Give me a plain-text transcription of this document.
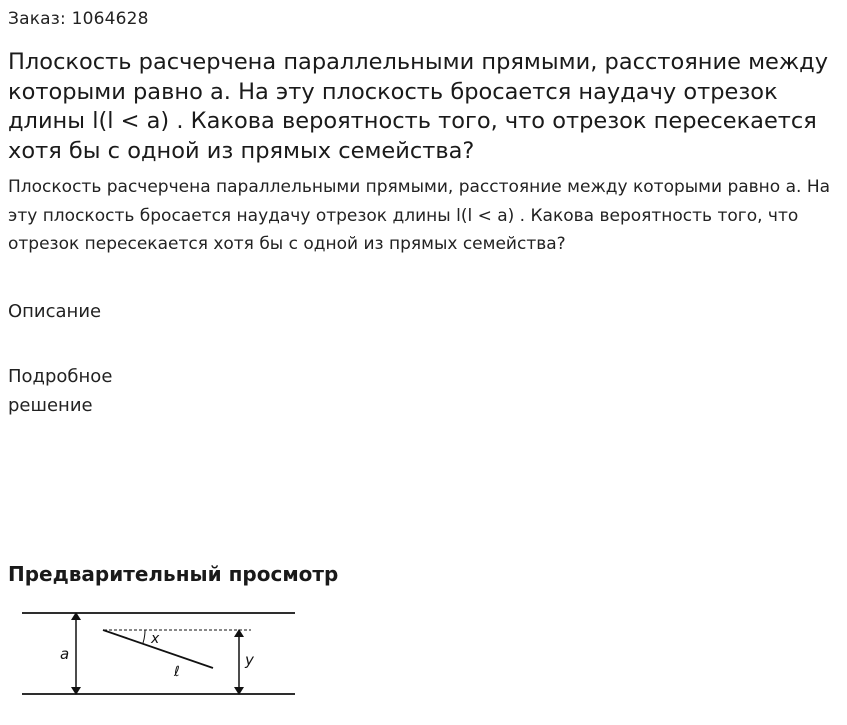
Заказ: 1064628
Плоскость расчерчена параллельными прямыми, расстояние между которыми равно a. На эту плоскость бросается наудачу отрезок длины l(l < a) . Какова вероятность того, что отрезок пересекается хотя бы с одной из прямых семейства?

Плоскость расчерчена параллельными прямыми, расстояние между которыми равно a. На эту плоскость бросается наудачу отрезок длины l(l < a) . Какова вероятность того, что отрезок пересекается хотя бы с одной из прямых семейства?

Описание
Подробное решение
Предварительный просмотр
a
x
ℓ
y
